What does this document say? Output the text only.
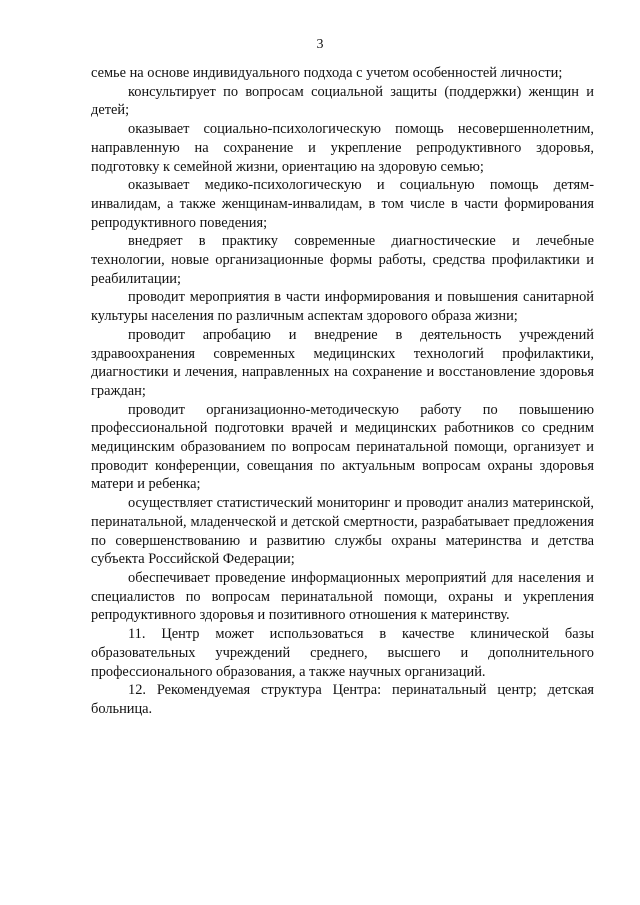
3

семье на основе индивидуального подхода с учетом особенностей личности;

консультирует по вопросам социальной защиты (поддержки) женщин и детей;

оказывает социально-психологическую помощь несовершеннолетним, направленную на сохранение и укрепление репродуктивного здоровья, подготовку к семейной жизни, ориентацию на здоровую семью;

оказывает медико-психологическую и социальную помощь детям-инвалидам, а также женщинам-инвалидам, в том числе в части формирования репродуктивного поведения;

внедряет в практику современные диагностические и лечебные технологии, новые организационные формы работы, средства профилактики и реабилитации;

проводит мероприятия в части информирования и повышения санитарной культуры населения по различным аспектам здорового образа жизни;

проводит апробацию и внедрение в деятельность учреждений здравоохранения современных медицинских технологий профилактики, диагностики и лечения, направленных на сохранение и восстановление здоровья граждан;

проводит организационно-методическую работу по повышению профессиональной подготовки врачей и медицинских работников со средним медицинским образованием по вопросам перинатальной помощи, организует и проводит конференции, совещания по актуальным вопросам охраны здоровья матери и ребенка;

осуществляет статистический мониторинг и проводит анализ материнской, перинатальной, младенческой и детской смертности, разрабатывает предложения по совершенствованию и развитию службы охраны материнства и детства субъекта Российской Федерации;

обеспечивает проведение информационных мероприятий для населения и специалистов по вопросам перинатальной помощи, охраны и укрепления репродуктивного здоровья и позитивного отношения к материнству.

11. Центр может использоваться в качестве клинической базы образовательных учреждений среднего, высшего и дополнительного профессионального образования, а также научных организаций.

12. Рекомендуемая структура Центра: перинатальный центр; детская больница.
